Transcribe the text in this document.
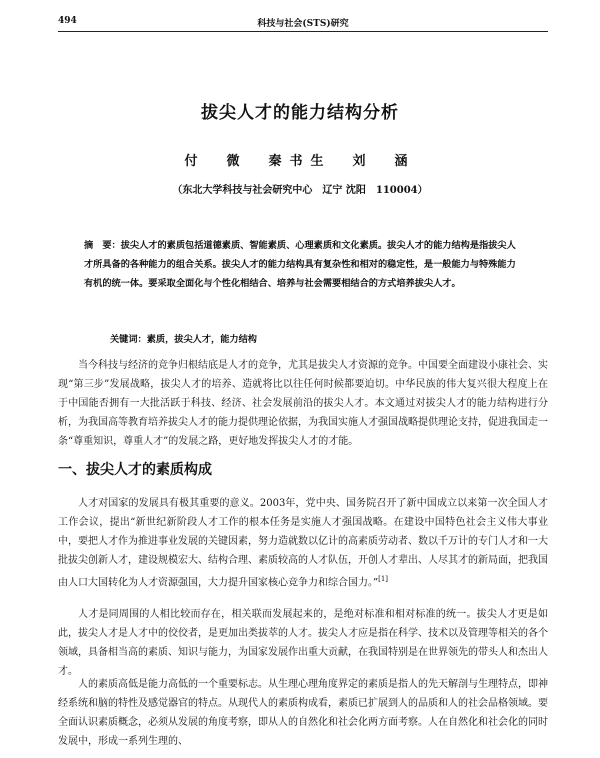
494	科技与社会(STS)研究
拔尖人才的能力结构分析
付　微　秦书生　刘　涵
（东北大学科技与社会研究中心　辽宁 沈阳　110004）
摘　要：拔尖人才的素质包括道德素质、智能素质、心理素质和文化素质。拔尖人才的能力结构是指拔尖人才所具备的各种能力的组合关系。拔尖人才的能力结构具有复杂性和相对的稳定性，是一般能力与特殊能力有机的统一体。要采取全面化与个性化相结合、培养与社会需要相结合的方式培养拔尖人才。
关键词：素质，拔尖人才，能力结构
当今科技与经济的竞争归根结底是人才的竞争，尤其是拔尖人才资源的竞争。中国要全面建设小康社会、实现“第三步”发展战略，拔尖人才的培养、造就将比以往任何时候都要迫切。中华民族的伟大复兴很大程度上在于中国能否拥有一大批活跃于科技、经济、社会发展前沿的拔尖人才。本文通过对拔尖人才的能力结构进行分析，为我国高等教育培养拔尖人才的能力提供理论依据，为我国实施人才强国战略提供理论支持，促进我国走一条“尊重知识，尊重人才”的发展之路，更好地发挥拔尖人才的才能。
一、拔尖人才的素质构成
人才对国家的发展具有极其重要的意义。2003年，党中央、国务院召开了新中国成立以来第一次全国人才工作会议，提出“新世纪新阶段人才工作的根本任务是实施人才强国战略。在建设中国特色社会主义伟大事业中，要把人才作为推进事业发展的关键因素，努力造就数以亿计的高素质劳动者、数以千万计的专门人才和一大批拔尖创新人才，建设规模宏大、结构合理、素质较高的人才队伍，开创人才辈出、人尽其才的新局面，把我国由人口大国转化为人才资源强国，大力提升国家核心竞争力和综合国力。”[1]
人才是同周围的人相比较而存在，相关联而发展起来的，是绝对标准和相对标准的统一。拔尖人才更是如此，拔尖人才是人才中的佼佼者，是更加出类拔萃的人才。拔尖人才应是指在科学、技术以及管理等相关的各个领域，具备相当高的素质、知识与能力，为国家发展作出重大贡献，在我国特别是在世界领先的带头人和杰出人才。
人的素质高低是能力高低的一个重要标志。从生理心理角度界定的素质是指人的先天解剖与生理特点，即神经系统和脑的特性及感觉器官的特点。从现代人的素质构成看，素质已扩展到人的品质和人的社会品格领域。要全面认识素质概念，必须从发展的角度考察，即从人的自然化和社会化两方面考察。人在自然化和社会化的同时发展中，形成一系列生理的、
